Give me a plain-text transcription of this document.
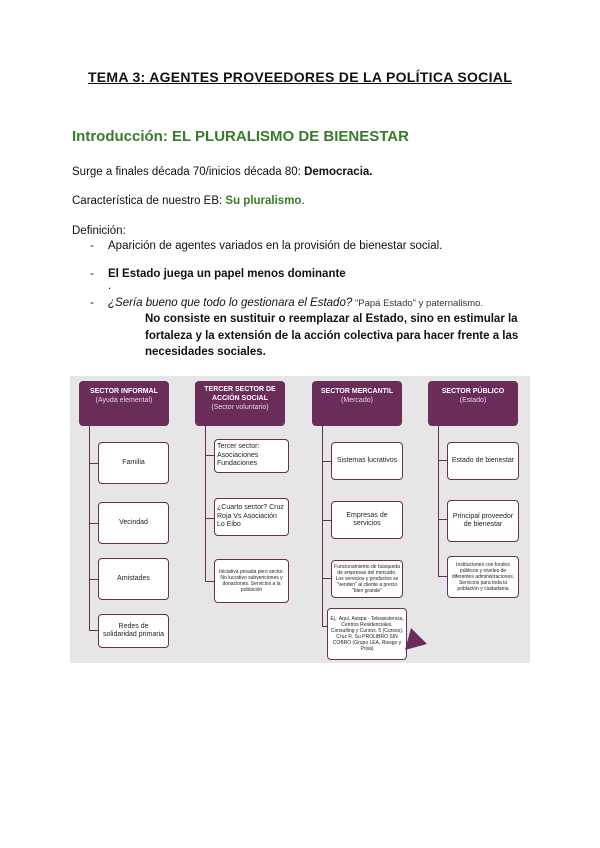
TEMA 3: AGENTES PROVEEDORES DE LA POLÍTICA SOCIAL
Introducción: EL PLURALISMO DE BIENESTAR
Surge a finales década 70/inicios década 80: Democracia.
Característica de nuestro EB: Su pluralismo.
Definición:
- Aparición de agentes variados en la provisión de bienestar social.
- El Estado juega un papel menos dominante
.
- ¿Sería bueno que todo lo gestionara el Estado? "Papá Estado" y paternalismo.
No consiste en sustituir o reemplazar al Estado, sino en estimular la fortaleza y la extensión de la acción colectiva para hacer frente a las necesidades sociales.
SECTOR INFORMAL
(Ayuda elemental)
Familia
Vecindad
Amistades
Redes de solidaridad primaria
TERCER SECTOR DE ACCIÓN SOCIAL
(Sector voluntario)
Tercer sector: Asociaciones Fundaciones
¿Cuarto sector? Cruz Roja Vs Asociación Lo Eibo
Iniciativa privada pero sector. No lucrativo subvenciones y donaciones. Servicios a la población
SECTOR MERCANTIL
(Mercado)
Sistemas lucrativos
Empresas de servicios
Funcionamiento de búsqueda de empresas del mercado. Los servicios y productos se "venden" al cliente a precio "bien grande"
Ej.: Aquí, Asispa - Teleasistencia, Centros Residenciales, Consulting y Cursos. 5 (Cursos), Cruz R. Su PROLIBRO SIN COBRO (Grupo LEA, Riesgo y Prisa)
SECTOR PÚBLICO
(Estado)
Estado de bienestar
Principal proveedor de bienestar
Instituciones con fondos públicos y niveles de diferentes administraciones. Servicios para toda la población y ciudadanía
